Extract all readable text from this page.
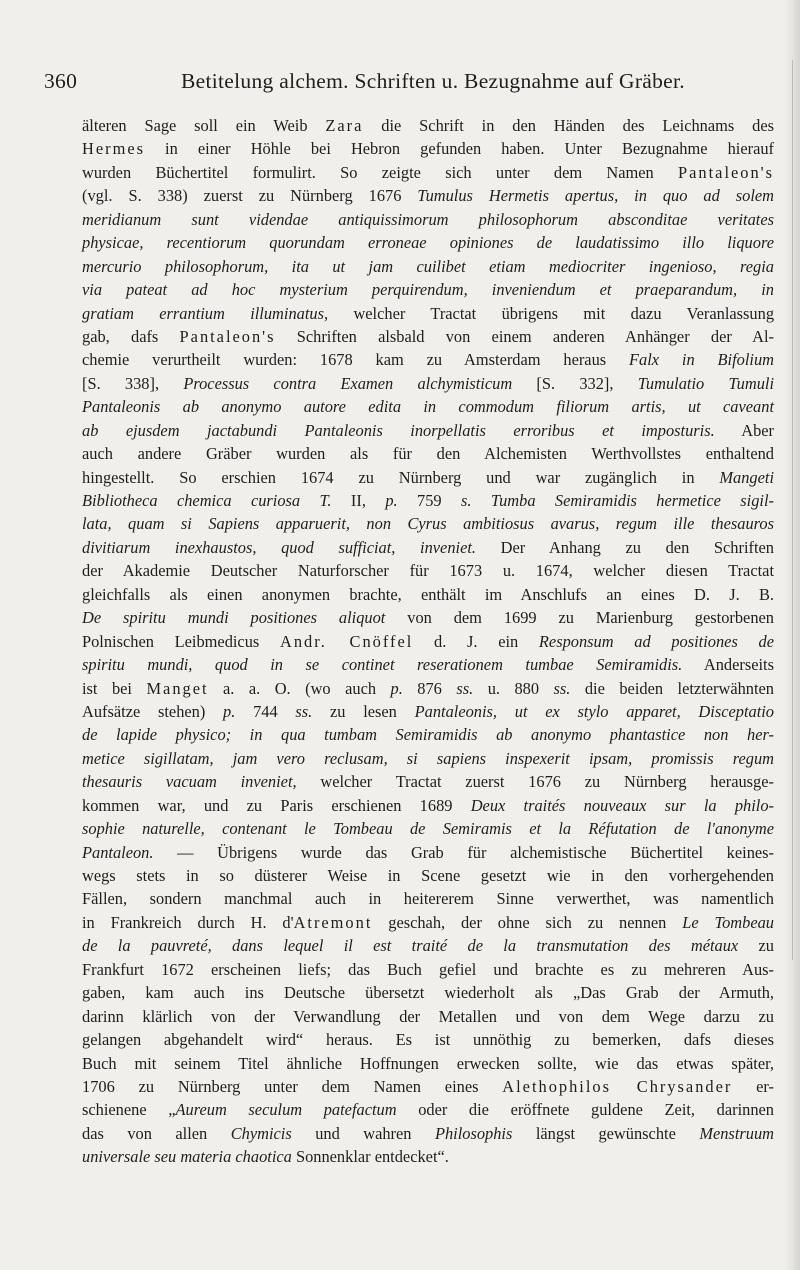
360	Betitelung alchem. Schriften u. Bezugnahme auf Gräber.
älteren Sage soll ein Weib Zara die Schrift in den Händen des Leichnams des
Hermes in einer Höhle bei Hebron gefunden haben. Unter Bezugnahme hierauf
wurden Büchertitel formulirt. So zeigte sich unter dem Namen Pantaleon's
(vgl. S. 338) zuerst zu Nürnberg 1676 Tumulus Hermetis apertus, in quo ad solem
meridianum sunt videndae antiquissimorum philosophorum absconditae veritates
physicae, recentiorum quorundam erroneae opiniones de laudatissimo illo liquore
mercurio philosophorum, ita ut jam cuilibet etiam mediocriter ingenioso, regia
via pateat ad hoc mysterium perquirendum, inveniendum et praeparandum, in
gratiam errantium illuminatus, welcher Tractat übrigens mit dazu Veranlassung
gab, dafs Pantaleon's Schriften alsbald von einem anderen Anhänger der Al-
chemie verurtheilt wurden: 1678 kam zu Amsterdam heraus Falx in Bifolium
[S. 338], Processus contra Examen alchymisticum [S. 332], Tumulatio Tumuli
Pantaleonis ab anonymo autore edita in commodum filiorum artis, ut caveant
ab ejusdem jactabundi Pantaleonis inorpellatis erroribus et imposturis. Aber
auch andere Gräber wurden als für den Alchemisten Werthvollstes enthaltend
hingestellt. So erschien 1674 zu Nürnberg und war zugänglich in Mangeti
Bibliotheca chemica curiosa T. II, p. 759 s. Tumba Semiramidis hermetice sigil-
lata, quam si Sapiens apparuerit, non Cyrus ambitiosus avarus, regum ille thesauros
divitiarum inexhaustos, quod sufficiat, inveniet. Der Anhang zu den Schriften
der Akademie Deutscher Naturforscher für 1673 u. 1674, welcher diesen Tractat
gleichfalls als einen anonymen brachte, enthält im Anschlufs an eines D. J. B.
De spiritu mundi positiones aliquot von dem 1699 zu Marienburg gestorbenen
Polnischen Leibmedicus Andr. Cnöffel d. J. ein Responsum ad positiones de
spiritu mundi, quod in se continet reserationem tumbae Semiramidis. Anderseits
ist bei Manget a. a. O. (wo auch p. 876 ss. u. 880 ss. die beiden letzterwähnten
Aufsätze stehen) p. 744 ss. zu lesen Pantaleonis, ut ex stylo apparet, Disceptatio
de lapide physico; in qua tumbam Semiramidis ab anonymo phantastice non her-
metice sigillatam, jam vero reclusam, si sapiens inspexerit ipsam, promissis regum
thesauris vacuam inveniet, welcher Tractat zuerst 1676 zu Nürnberg herausge-
kommen war, und zu Paris erschienen 1689 Deux traités nouveaux sur la philo-
sophie naturelle, contenant le Tombeau de Semiramis et la Réfutation de l'anonyme
Pantaleon. — Übrigens wurde das Grab für alchemistische Büchertitel keines-
wegs stets in so düsterer Weise in Scene gesetzt wie in den vorhergehenden
Fällen, sondern manchmal auch in heitererem Sinne verwerthet, was namentlich
in Frankreich durch H. d'Atremont geschah, der ohne sich zu nennen Le Tombeau
de la pauvreté, dans lequel il est traité de la transmutation des métaux zu
Frankfurt 1672 erscheinen liefs; das Buch gefiel und brachte es zu mehreren Aus-
gaben, kam auch ins Deutsche übersetzt wiederholt als „Das Grab der Armuth,
darinn klärlich von der Verwandlung der Metallen und von dem Wege darzu zu
gelangen abgehandelt wird“ heraus. Es ist unnöthig zu bemerken, dafs dieses
Buch mit seinem Titel ähnliche Hoffnungen erwecken sollte, wie das etwas später,
1706 zu Nürnberg unter dem Namen eines Alethophilos Chrysander er-
schienene „Aureum seculum patefactum oder die eröffnete guldene Zeit, darinnen
das von allen Chymicis und wahren Philosophis längst gewünschte Menstruum
universale seu materia chaotica Sonnenklar entdecket“.
